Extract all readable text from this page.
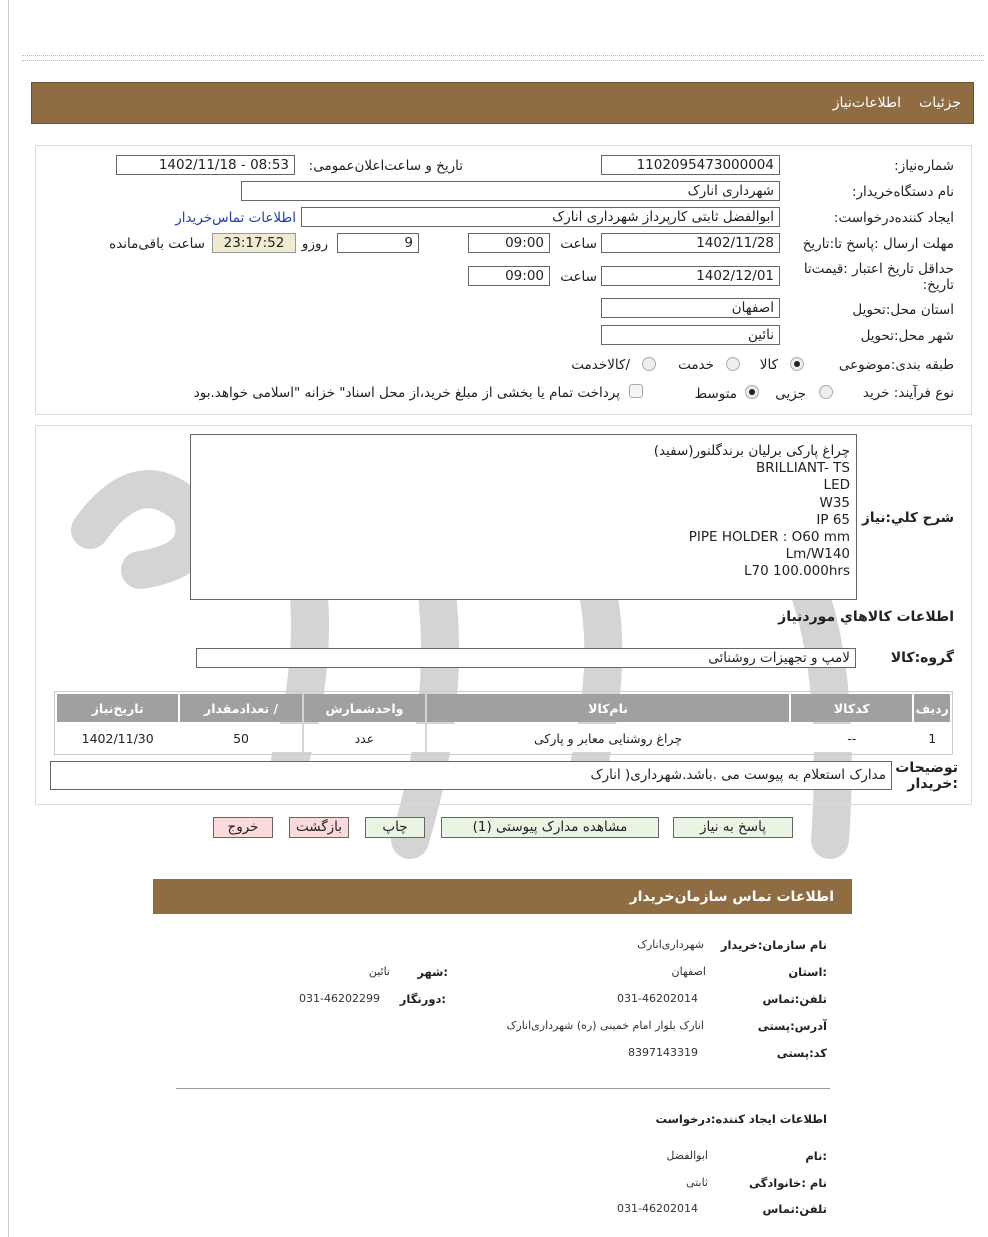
جزئیات
اطلاعات‌نیاز
شماره‌نیاز:
1102095473000004
تاریخ و ساعت‌اعلان‌عمومی:
1402/11/18 - 08:53
نام دستگاه‌خریدار:
شهرداری انارک
ایجاد کننده‌درخواست:
ابوالفضل ثابتی کارپرداز شهرداری انارک
اطلاعات تماس‌خریدار
مهلت ارسال :پاسخ تا:تاریخ
1402/11/28
ساعت
09:00
9
روزو
23:17:52
ساعت باقی‌مانده
حداقل تاریخ اعتبار :قیمت‌تا تاریخ:
1402/12/01
ساعت
09:00
استان محل:تحویل
اصفهان
شهر محل:تحویل
نائین
طبقه بندی:موضوعی
کالا
خدمت
/کالاخدمت
نوع فرآیند: خرید
جزیی
متوسط
پرداخت تمام یا بخشی از مبلغ خرید،از محل اسناد" خزانه "اسلامی خواهد.بود
شرح کلي:نياز
چراغ پارکی برلیان برندگلنور(سفید)
BRILLIANT- TS
LED
W35
IP 65
PIPE HOLDER : O60 mm
Lm/W140
L70 100.000hrs
اطلاعات کالاهاي موردنياز
گروه:کالا
لامپ و تجهیزات روشنائی
رديف	کدکالا	نام‌کالا	واحدشمارش	/ تعدادمقدار	تاريخ‌نياز
1	--	چراغ روشنایی معابر و پارکی	عدد	50	1402/11/30
توضیحات :خریدار
مدارک استعلام به پیوست می .باشد.شهرداری( انارک
پاسخ به نیاز
مشاهده مدارک پیوستی (1)
چاپ
بازگشت
خروج
اطلاعات تماس سازمان‌خریدار
نام سازمان:خریدار
شهرداری‌انارک
:استان
اصفهان
:شهر
نائین
تلفن:تماس
031-46202014
:دورنگار
031-46202299
آدرس:پستی
انارک بلوار امام خمینی (ره) شهرداری‌انارک
کد:پستی
8397143319
اطلاعات ایجاد کننده:درخواست
:نام
ابوالفضل
نام :خانوادگی
ثابتی
تلفن:تماس
031-46202014
